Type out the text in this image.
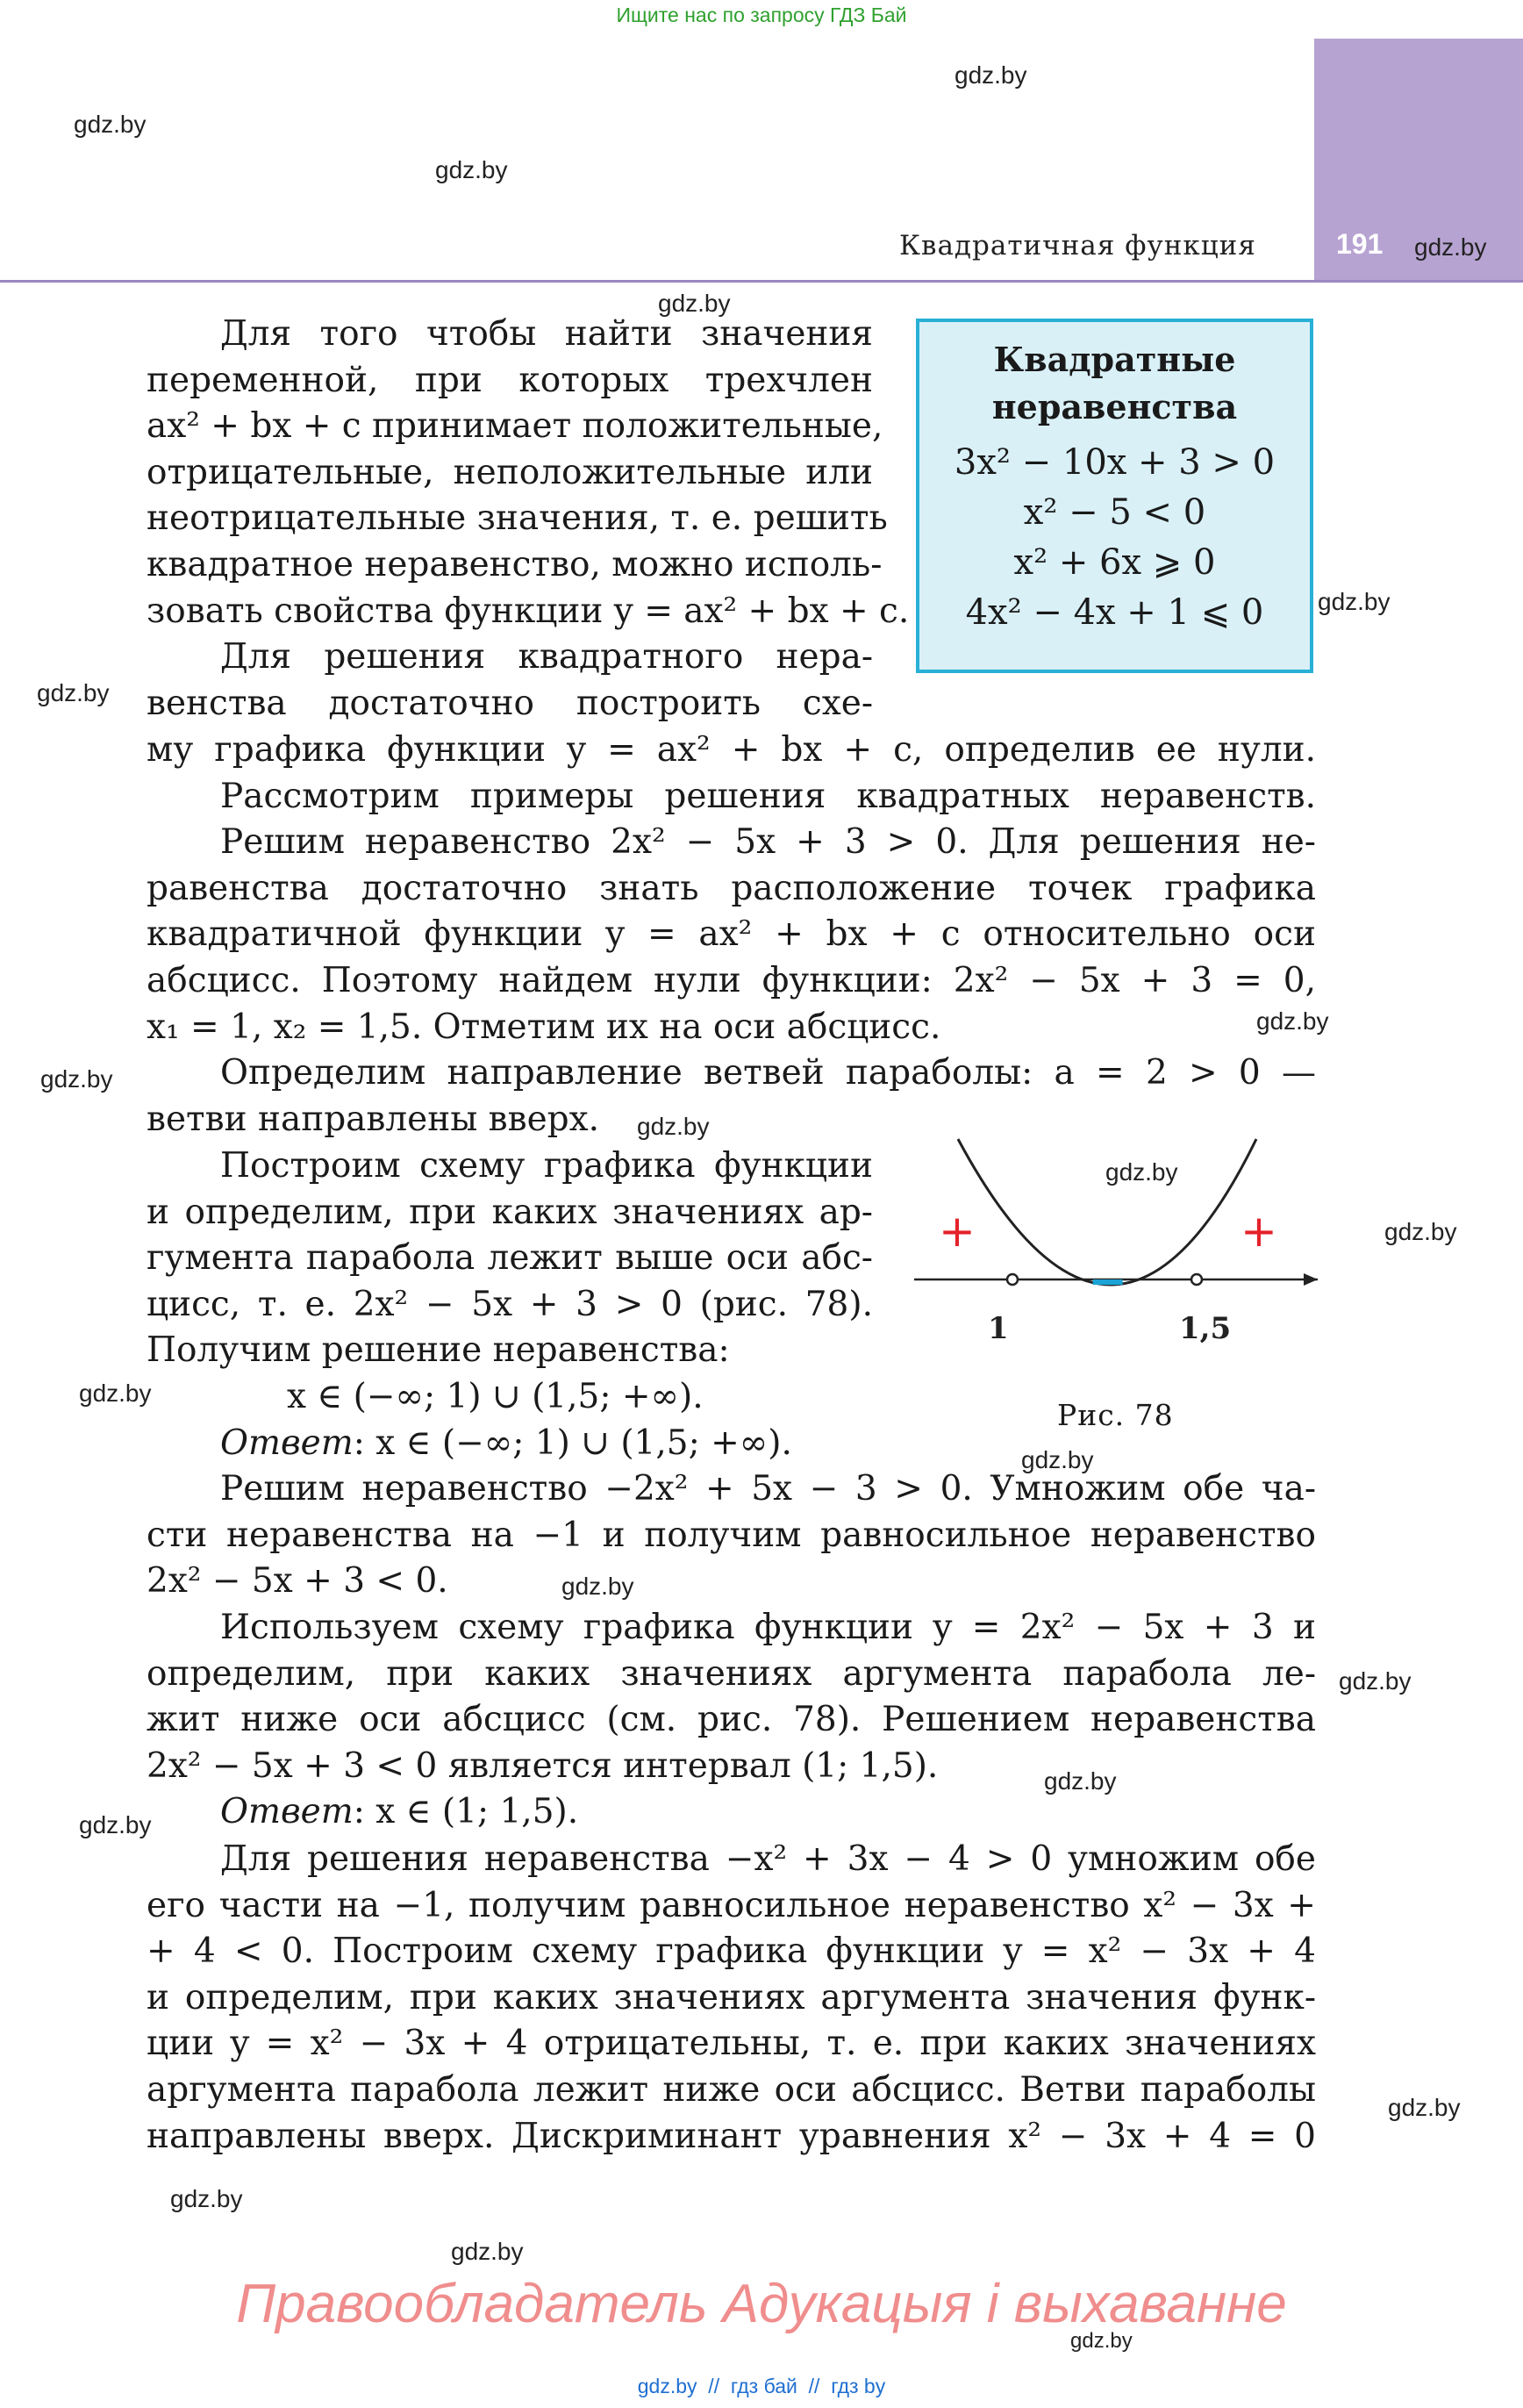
Ищите нас по запросу ГДЗ Бай
Квадратичная функция	191
gdz.by
gdz.by
gdz.by
gdz.by
gdz.by
gdz.by
gdz.by
gdz.by
gdz.by
gdz.by
gdz.by
gdz.by
gdz.by
gdz.by
gdz.by
gdz.by
gdz.by
gdz.by
gdz.by
gdz.by
gdz.by
gdz.by
Квадратные
неравенства
3x² − 10x + 3 > 0
x² − 5 < 0
x² + 6x ⩾ 0
4x² − 4x + 1 ⩽ 0
Для того чтобы найти значения
переменной, при которых трехчлен
ax² + bx + c принимает положительные,
отрицательные, неположительные или
неотрицательные значения, т. е. решить
квадратное неравенство, можно исполь-
зовать свойства функции y = ax² + bx + c.
Для решения квадратного нера-
венства достаточно построить схе-
му графика функции y = ax² + bx + c, определив ее нули.
Рассмотрим примеры решения квадратных неравенств.
Решим неравенство 2x² − 5x + 3 > 0. Для решения не-
равенства достаточно знать расположение точек графика
квадратичной функции y = ax² + bx + c относительно оси
абсцисс. Поэтому найдем нули функции: 2x² − 5x + 3 = 0,
x₁ = 1, x₂ = 1,5. Отметим их на оси абсцисс.
Определим направление ветвей параболы: a = 2 > 0 —
ветви направлены вверх.
Построим схему графика функции
и определим, при каких значениях ар-
гумента парабола лежит выше оси абс-
цисс, т. е. 2x² − 5x + 3 > 0 (рис. 78).
Получим решение неравенства:
x ∈ (−∞; 1) ∪ (1,5; +∞).
Ответ: x ∈ (−∞; 1) ∪ (1,5; +∞).
+	+
−
1	1,5
Рис. 78
Решим неравенство −2x² + 5x − 3 > 0. Умножим обе ча-
сти неравенства на −1 и получим равносильное неравенство
2x² − 5x + 3 < 0.
Используем схему графика функции y = 2x² − 5x + 3 и
определим, при каких значениях аргумента парабола ле-
жит ниже оси абсцисс (см. рис. 78). Решением неравенства
2x² − 5x + 3 < 0 является интервал (1; 1,5).
Ответ: x ∈ (1; 1,5).
Для решения неравенства −x² + 3x − 4 > 0 умножим обе
его части на −1, получим равносильное неравенство x² − 3x +
+ 4 < 0. Построим схему графика функции y = x² − 3x + 4
и определим, при каких значениях аргумента значения функ-
ции y = x² − 3x + 4 отрицательны, т. е. при каких значениях
аргумента парабола лежит ниже оси абсцисс. Ветви параболы
направлены вверх. Дискриминант уравнения x² − 3x + 4 = 0
Правообладатель Адукацыя і выхаванне
gdz.by  //  гдз бай  //  гдз by
